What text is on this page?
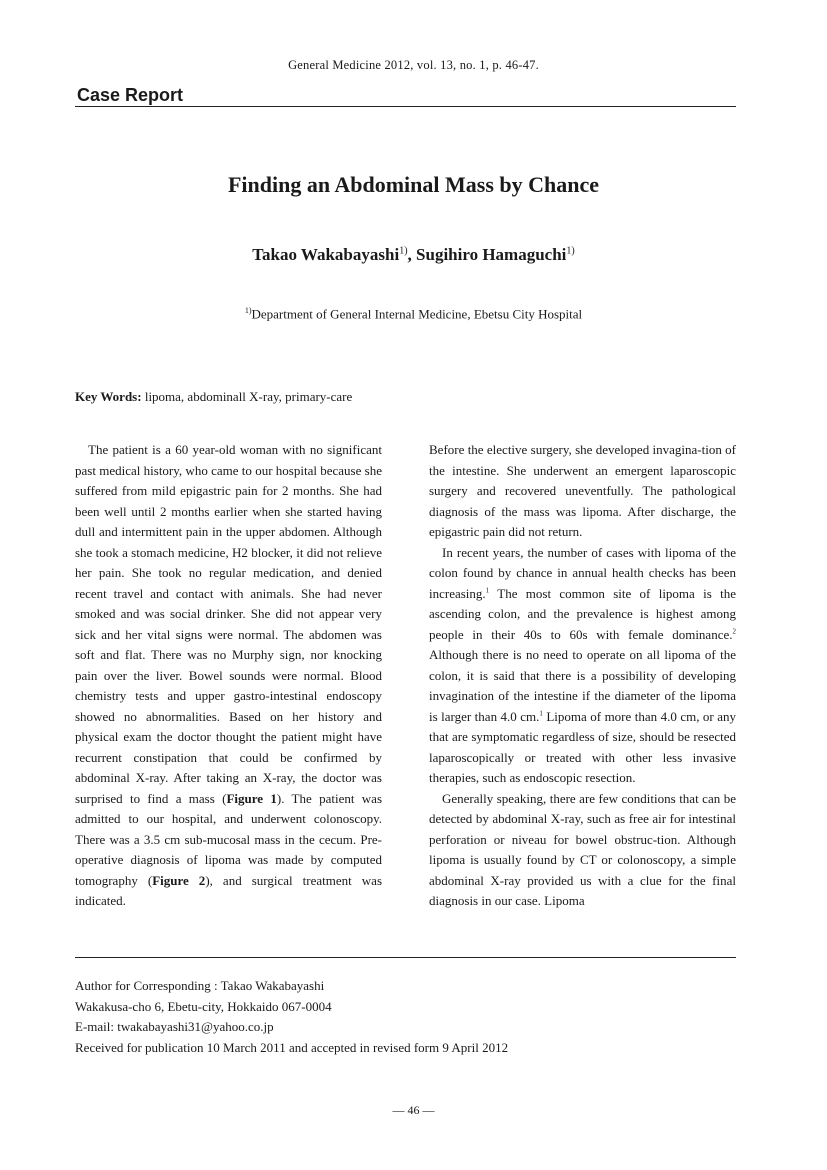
General Medicine 2012, vol. 13, no. 1, p. 46-47.
Case Report
Finding an Abdominal Mass by Chance
Takao Wakabayashi$^{1)}$, Sugihiro Hamaguchi$^{1)}$
$^{1)}$Department of General Internal Medicine, Ebetsu City Hospital
Key Words: lipoma, abdominall X-ray, primary-care

The patient is a 60 year-old woman with no significant past medical history, who came to our hospital because she suffered from mild epigastric pain for 2 months. She had been well until 2 months earlier when she started having dull and intermittent pain in the upper abdomen. Although she took a stomach medicine, H2 blocker, it did not relieve her pain. She took no regular medication, and denied recent travel and contact with animals. She had never smoked and was social drinker. She did not appear very sick and her vital signs were normal. The abdomen was soft and flat. There was no Murphy sign, nor knocking pain over the liver. Bowel sounds were normal. Blood chemistry tests and upper gastro-intestinal endoscopy showed no abnormalities. Based on her history and physical exam the doctor thought the patient might have recurrent constipation that could be confirmed by abdominal X-ray. After taking an X-ray, the doctor was surprised to find a mass (Figure 1). The patient was admitted to our hospital, and underwent colonoscopy. There was a 3.5 cm sub-mucosal mass in the cecum. Pre-operative diagnosis of lipoma was made by computed tomography (Figure 2), and surgical treatment was indicated.

Before the elective surgery, she developed invagina-tion of the intestine. She underwent an emergent laparoscopic surgery and recovered uneventfully. The pathological diagnosis of the mass was lipoma. After discharge, the epigastric pain did not return.

In recent years, the number of cases with lipoma of the colon found by chance in annual health checks has been increasing.$^1$ The most common site of lipoma is the ascending colon, and the prevalence is highest among people in their 40s to 60s with female dominance.$^2$ Although there is no need to operate on all lipoma of the colon, it is said that there is a possibility of developing invagination of the intestine if the diameter of the lipoma is larger than 4.0 cm.$^1$ Lipoma of more than 4.0 cm, or any that are symptomatic regardless of size, should be resected laparoscopically or treated with other less invasive therapies, such as endoscopic resection.

Generally speaking, there are few conditions that can be detected by abdominal X-ray, such as free air for intestinal perforation or niveau for bowel obstruc-tion. Although lipoma is usually found by CT or colonoscopy, a simple abdominal X-ray provided us with a clue for the final diagnosis in our case. Lipoma

Author for Corresponding : Takao Wakabayashi
Wakakusa-cho 6, Ebetu-city, Hokkaido 067-0004
E-mail: twakabayashi31@yahoo.co.jp
Received for publication 10 March 2011 and accepted in revised form 9 April 2012
— 46 —
